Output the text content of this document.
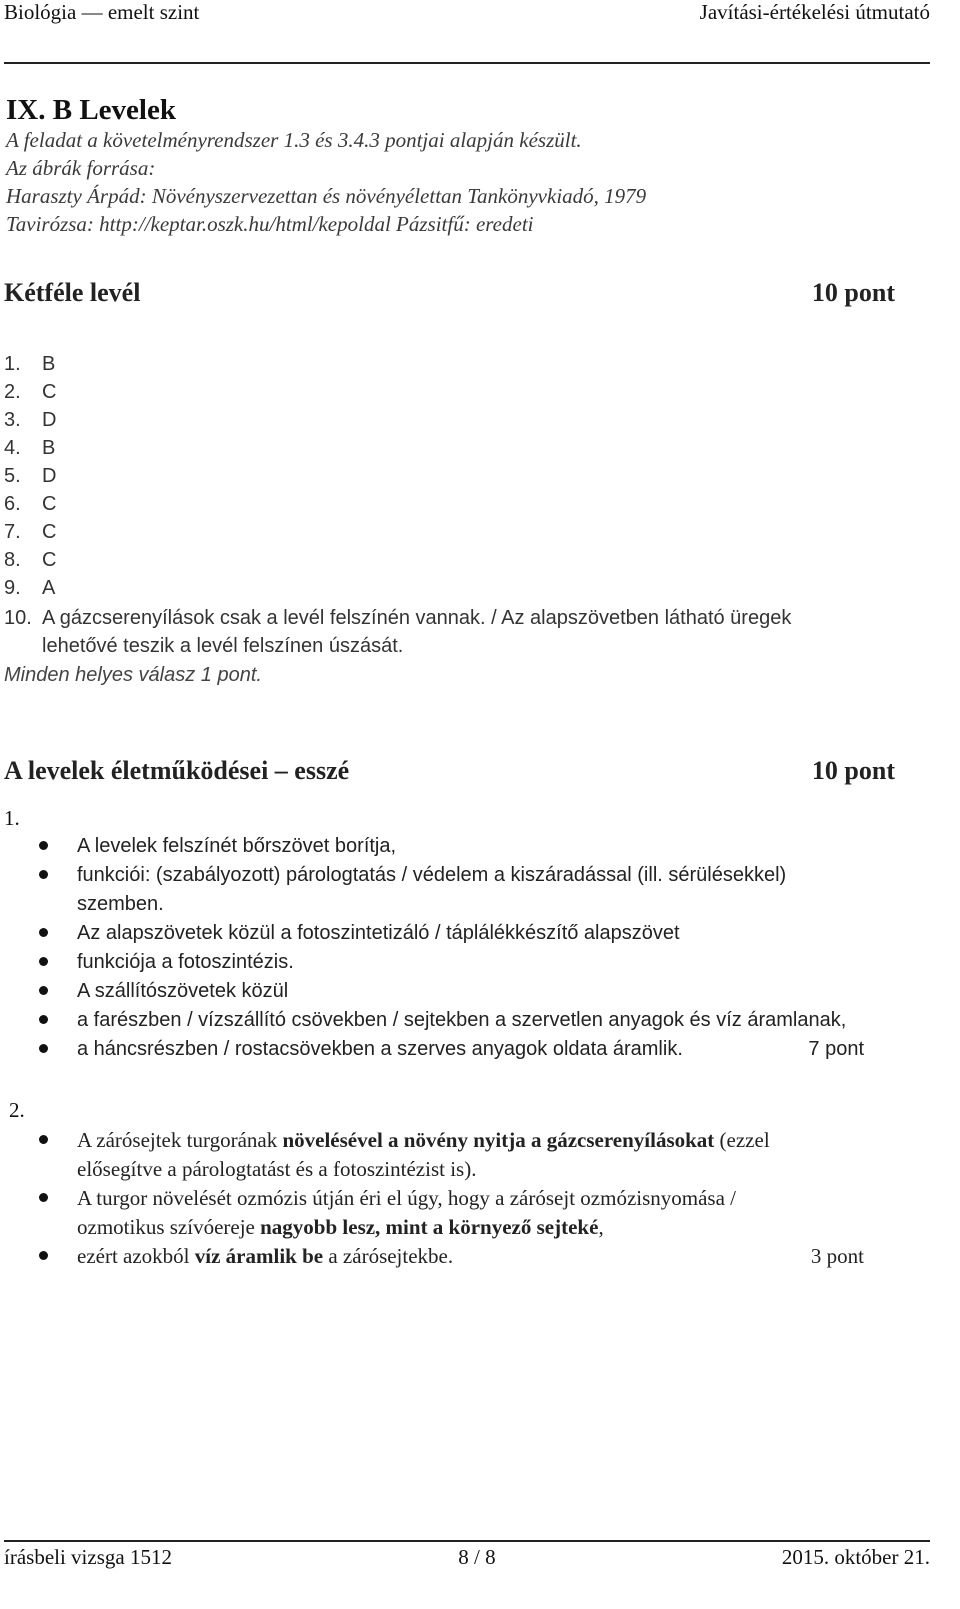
Biológia — emelt szint	Javítási-értékelési útmutató
IX. B Levelek
A feladat a követelményrendszer 1.3 és 3.4.3 pontjai alapján készült.
Az ábrák forrása:
Haraszty Árpád: Növényszervezettan és növényélettan Tankönyvkiadó, 1979
Tavirózsa: http://keptar.oszk.hu/html/kepoldal Pázsitfű: eredeti
Kétféle levél	10 pont
1.	B
2.	C
3.	D
4.	B
5.	D
6.	C
7.	C
8.	C
9.	A
10. A gázcserenyílások csak a levél felszínén vannak. / Az alapszövetben látható üregek
lehetővé teszik a levél felszínen úszását.
Minden helyes válasz 1 pont.
A levelek életműködései – esszé	10 pont
1.
A levelek felszínét bőrszövet borítja,
funkciói: (szabályozott) párologtatás / védelem a kiszáradással (ill. sérülésekkel)
szemben.
Az alapszövetek közül a fotoszintetizáló / táplálékkészítő alapszövet
funkciója a fotoszintézis.
A szállítószövetek közül
a farészben / vízszállító csövekben / sejtekben a szervetlen anyagok és víz áramlanak,
a háncsrészben / rostacsövekben a szerves anyagok oldata áramlik.	7 pont
2.
A zárósejtek turgorának növelésével a növény nyitja a gázcserenyílásokat (ezzel
elősegítve a párologtatást és a fotoszintézist is).
A turgor növelését ozmózis útján éri el úgy, hogy a zárósejt ozmózisnyomása /
ozmotikus szívóereje nagyobb lesz, mint a környező sejteké,
ezért azokból víz áramlik be a zárósejtekbe.	3 pont
írásbeli vizsga 1512	8 / 8	2015. október 21.
